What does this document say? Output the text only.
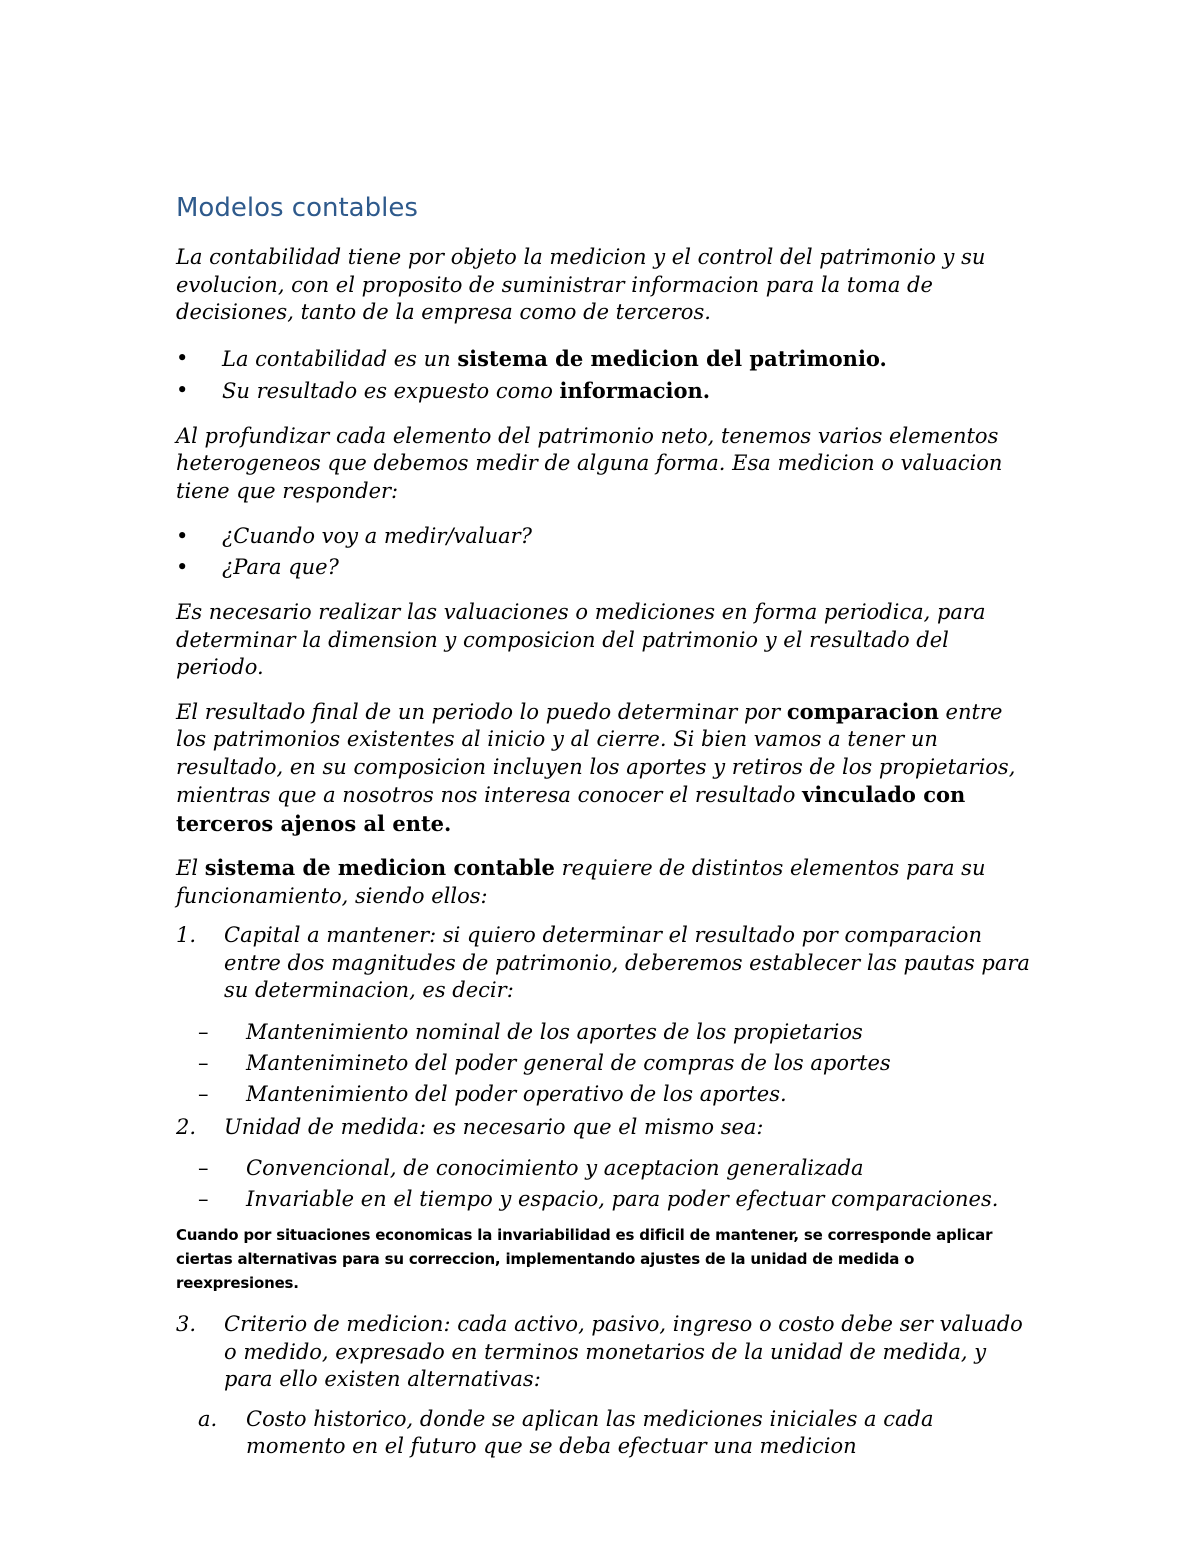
Modelos contables

La contabilidad tiene por objeto la medicion y el control del patrimonio y su evolucion, con el proposito de suministrar informacion para la toma de decisiones, tanto de la empresa como de terceros.

• La contabilidad es un sistema de medicion del patrimonio.
• Su resultado es expuesto como informacion.

Al profundizar cada elemento del patrimonio neto, tenemos varios elementos heterogeneos que debemos medir de alguna forma. Esa medicion o valuacion tiene que responder:

• ¿Cuando voy a medir/valuar?
• ¿Para que?

Es necesario realizar las valuaciones o mediciones en forma periodica, para determinar la dimension y composicion del patrimonio y el resultado del periodo.

El resultado final de un periodo lo puedo determinar por comparacion entre los patrimonios existentes al inicio y al cierre. Si bien vamos a tener un resultado, en su composicion incluyen los aportes y retiros de los propietarios, mientras que a nosotros nos interesa conocer el resultado vinculado con terceros ajenos al ente.

El sistema de medicion contable requiere de distintos elementos para su funcionamiento, siendo ellos:

1. Capital a mantener: si quiero determinar el resultado por comparacion entre dos magnitudes de patrimonio, deberemos establecer las pautas para su determinacion, es decir:
– Mantenimiento nominal de los aportes de los propietarios
– Mantenimineto del poder general de compras de los aportes
– Mantenimiento del poder operativo de los aportes.
2. Unidad de medida: es necesario que el mismo sea:
– Convencional, de conocimiento y aceptacion generalizada
– Invariable en el tiempo y espacio, para poder efectuar comparaciones.

Cuando por situaciones economicas la invariabilidad es dificil de mantener, se corresponde aplicar ciertas alternativas para su correccion, implementando ajustes de la unidad de medida o reexpresiones.

3. Criterio de medicion: cada activo, pasivo, ingreso o costo debe ser valuado o medido, expresado en terminos monetarios de la unidad de medida, y para ello existen alternativas:
a. Costo historico, donde se aplican las mediciones iniciales a cada momento en el futuro que se deba efectuar una medicion
